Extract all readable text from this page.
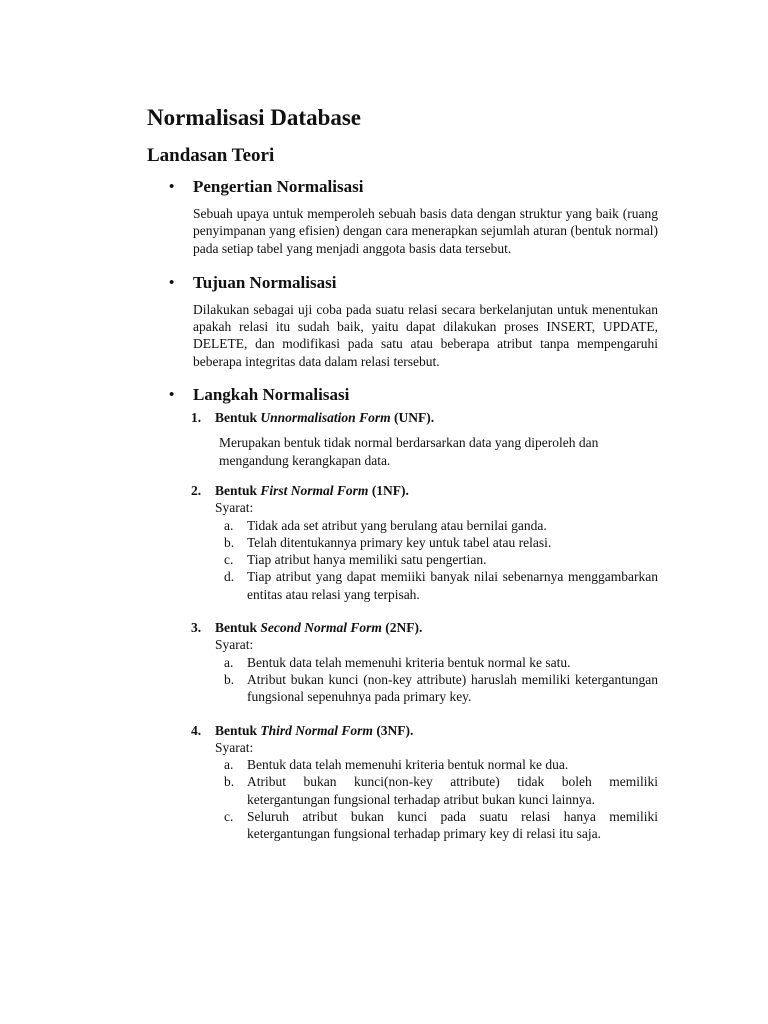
Normalisasi Database
Landasan Teori
• Pengertian Normalisasi

Sebuah upaya untuk memperoleh sebuah basis data dengan struktur yang baik (ruang penyimpanan yang efisien) dengan cara menerapkan sejumlah aturan (bentuk normal) pada setiap tabel yang menjadi anggota basis data tersebut.

• Tujuan Normalisasi

Dilakukan sebagai uji coba pada suatu relasi secara berkelanjutan untuk menentukan apakah relasi itu sudah baik, yaitu dapat dilakukan proses INSERT, UPDATE, DELETE, dan modifikasi pada satu atau beberapa atribut tanpa mempengaruhi beberapa integritas data dalam relasi tersebut.

• Langkah Normalisasi
1. Bentuk Unnormalisation Form (UNF).

Merupakan bentuk tidak normal berdarsarkan data yang diperoleh dan mengandung kerangkapan data.

2. Bentuk First Normal Form (1NF).
Syarat:
a. Tidak ada set atribut yang berulang atau bernilai ganda.
b. Telah ditentukannya primary key untuk tabel atau relasi.
c. Tiap atribut hanya memiliki satu pengertian.
d. Tiap atribut yang dapat memiiki banyak nilai sebenarnya menggambarkan entitas atau relasi yang terpisah.
3. Bentuk Second Normal Form (2NF).
Syarat:
a. Bentuk data telah memenuhi kriteria bentuk normal ke satu.
b. Atribut bukan kunci (non-key attribute) haruslah memiliki ketergantungan fungsional sepenuhnya pada primary key.
4. Bentuk Third Normal Form (3NF).
Syarat:
a. Bentuk data telah memenuhi kriteria bentuk normal ke dua.
b. Atribut bukan kunci(non-key attribute) tidak boleh memiliki ketergantungan fungsional terhadap atribut bukan kunci lainnya.
c. Seluruh atribut bukan kunci pada suatu relasi hanya memiliki ketergantungan fungsional terhadap primary key di relasi itu saja.
